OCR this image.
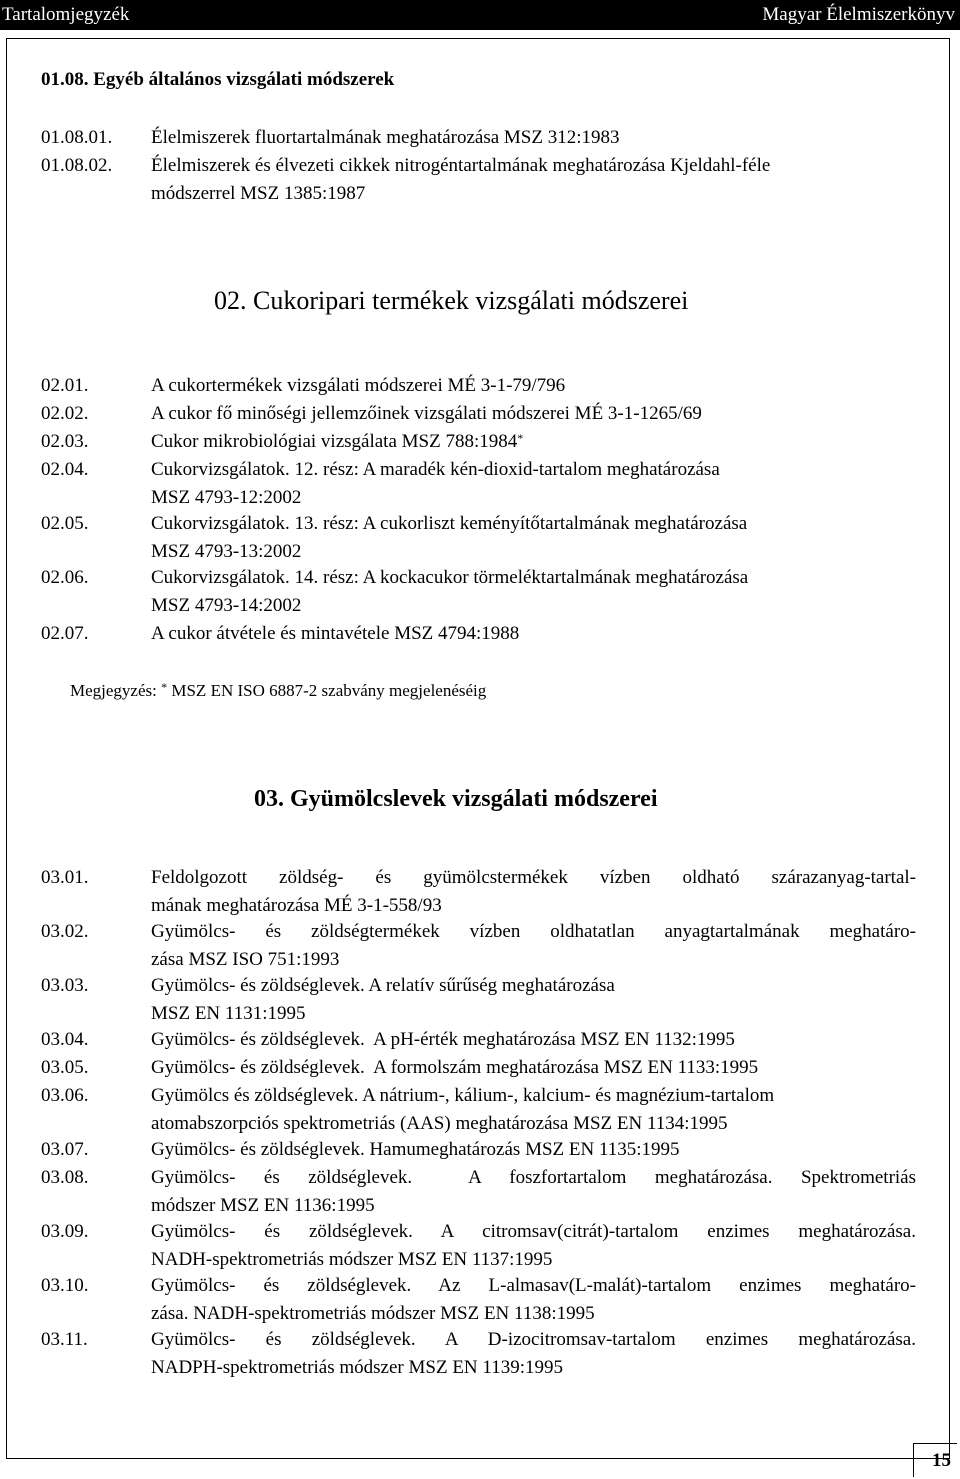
Tartalomjegyzék	Magyar Élelmiszerkönyv
01.08. Egyéb általános vizsgálati módszerek
01.08.01. Élelmiszerek fluortartalmának meghatározása MSZ 312:1983
01.08.02. Élelmiszerek és élvezeti cikkek nitrogéntartalmának meghatározása Kjeldahl-féle
módszerrel MSZ 1385:1987
02. Cukoripari termékek vizsgálati módszerei
02.01.	A cukortermékek vizsgálati módszerei MÉ 3-1-79/796
02.02.	A cukor fő minőségi jellemzőinek vizsgálati módszerei MÉ 3-1-1265/69
02.03.	Cukor mikrobiológiai vizsgálata MSZ 788:1984*
02.04.	Cukorvizsgálatok. 12. rész: A maradék kén-dioxid-tartalom meghatározása
MSZ 4793-12:2002
02.05.	Cukorvizsgálatok. 13. rész: A cukorliszt keményítőtartalmának meghatározása
MSZ 4793-13:2002
02.06.	Cukorvizsgálatok. 14. rész: A kockacukor törmeléktartalmának meghatározása
MSZ 4793-14:2002
02.07.	A cukor átvétele és mintavétele MSZ 4794:1988
Megjegyzés: * MSZ EN ISO 6887-2 szabvány megjelenéséig
03. Gyümölcslevek vizsgálati módszerei
03.01.	Feldolgozott zöldség- és gyümölcstermékek vízben oldható szárazanyag-tartal-
mának meghatározása MÉ 3-1-558/93
03.02.	Gyümölcs- és zöldségtermékek vízben oldhatatlan anyagtartalmának meghatáro-
zása MSZ ISO 751:1993
03.03.	Gyümölcs- és zöldséglevek. A relatív sűrűség meghatározása
MSZ EN 1131:1995
03.04.	Gyümölcs- és zöldséglevek.  A pH-érték meghatározása MSZ EN 1132:1995
03.05.	Gyümölcs- és zöldséglevek.  A formolszám meghatározása MSZ EN 1133:1995
03.06.	Gyümölcs és zöldséglevek. A nátrium-, kálium-, kalcium- és magnézium-tartalom
atomabszorpciós spektrometriás (AAS) meghatározása MSZ EN 1134:1995
03.07.	Gyümölcs- és zöldséglevek. Hamumeghatározás MSZ EN 1135:1995
03.08.	Gyümölcs- és zöldséglevek.  A foszfortartalom meghatározása. Spektrometriás
módszer MSZ EN 1136:1995
03.09.	Gyümölcs- és zöldséglevek. A citromsav(citrát)-tartalom enzimes meghatározása.
NADH-spektrometriás módszer MSZ EN 1137:1995
03.10.	Gyümölcs- és zöldséglevek. Az L-almasav(L-malát)-tartalom enzimes meghatáro-
zása. NADH-spektrometriás módszer MSZ EN 1138:1995
03.11.	Gyümölcs- és zöldséglevek. A D-izocitromsav-tartalom enzimes meghatározása.
NADPH-spektrometriás módszer MSZ EN 1139:1995
15
